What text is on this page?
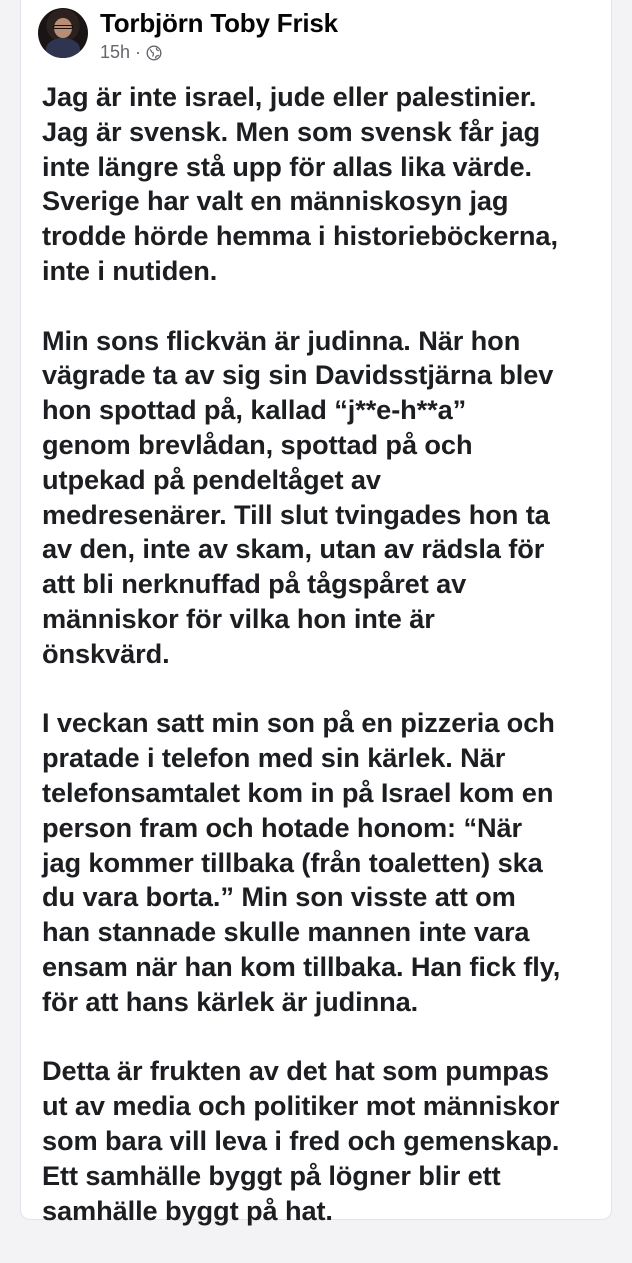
Torbjörn Toby Frisk
15h ·
Jag är inte israel, jude eller palestinier.
Jag är svensk. Men som svensk får jag
inte längre stå upp för allas lika värde.
Sverige har valt en människosyn jag
trodde hörde hemma i historieböckerna,
inte i nutiden.
Min sons flickvän är judinna. När hon
vägrade ta av sig sin Davidsstjärna blev
hon spottad på, kallad “j**e-h**a”
genom brevlådan, spottad på och
utpekad på pendeltåget av
medresenärer. Till slut tvingades hon ta
av den, inte av skam, utan av rädsla för
att bli nerknuffad på tågspåret av
människor för vilka hon inte är
önskvärd.
I veckan satt min son på en pizzeria och
pratade i telefon med sin kärlek. När
telefonsamtalet kom in på Israel kom en
person fram och hotade honom: “När
jag kommer tillbaka (från toaletten) ska
du vara borta.” Min son visste att om
han stannade skulle mannen inte vara
ensam när han kom tillbaka. Han fick fly,
för att hans kärlek är judinna.
Detta är frukten av det hat som pumpas
ut av media och politiker mot människor
som bara vill leva i fred och gemenskap.
Ett samhälle byggt på lögner blir ett
samhälle byggt på hat.
